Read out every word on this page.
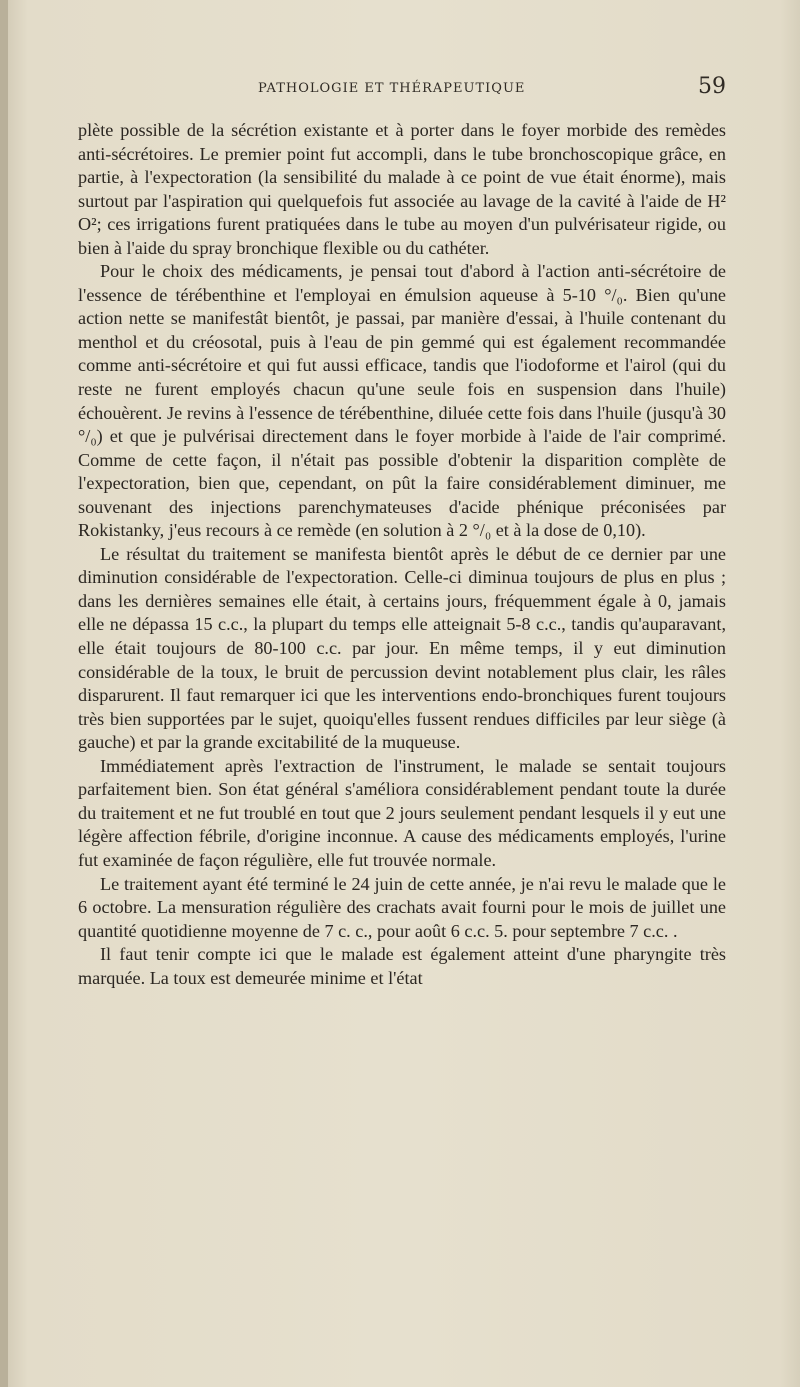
PATHOLOGIE ET THÉRAPEUTIQUE	59

plète possible de la sécrétion existante et à porter dans le foyer morbide des remèdes anti-sécrétoires. Le premier point fut accompli, dans le tube bronchoscopique grâce, en partie, à l'expectoration (la sensibilité du malade à ce point de vue était énorme), mais surtout par l'aspiration qui quelquefois fut associée au lavage de la cavité à l'aide de H² O²; ces irrigations furent pratiquées dans le tube au moyen d'un pulvérisateur rigide, ou bien à l'aide du spray bronchique flexible ou du cathéter.

Pour le choix des médicaments, je pensai tout d'abord à l'action anti-sécrétoire de l'essence de térébenthine et l'employai en émulsion aqueuse à 5-10 °/₀. Bien qu'une action nette se manifestât bientôt, je passai, par manière d'essai, à l'huile contenant du menthol et du créosotal, puis à l'eau de pin gemmé qui est également recommandée comme anti-sécrétoire et qui fut aussi efficace, tandis que l'iodoforme et l'airol (qui du reste ne furent employés chacun qu'une seule fois en suspension dans l'huile) échouèrent. Je revins à l'essence de térébenthine, diluée cette fois dans l'huile (jusqu'à 30 °/₀) et que je pulvérisai directement dans le foyer morbide à l'aide de l'air comprimé. Comme de cette façon, il n'était pas possible d'obtenir la disparition complète de l'expectoration, bien que, cependant, on pût la faire considérablement diminuer, me souvenant des injections parenchymateuses d'acide phénique préconisées par Rokistanky, j'eus recours à ce remède (en solution à 2 °/₀ et à la dose de 0,10).

Le résultat du traitement se manifesta bientôt après le début de ce dernier par une diminution considérable de l'expectoration. Celle-ci diminua toujours de plus en plus ; dans les dernières semaines elle était, à certains jours, fréquemment égale à 0, jamais elle ne dépassa 15 c.c., la plupart du temps elle atteignait 5-8 c.c., tandis qu'auparavant, elle était toujours de 80-100 c.c. par jour. En même temps, il y eut diminution considérable de la toux, le bruit de percussion devint notablement plus clair, les râles disparurent. Il faut remarquer ici que les interventions endo-bronchiques furent toujours très bien supportées par le sujet, quoiqu'elles fussent rendues difficiles par leur siège (à gauche) et par la grande excitabilité de la muqueuse.

Immédiatement après l'extraction de l'instrument, le malade se sentait toujours parfaitement bien. Son état général s'améliora considérablement pendant toute la durée du traitement et ne fut troublé en tout que 2 jours seulement pendant lesquels il y eut une légère affection fébrile, d'origine inconnue. A cause des médicaments employés, l'urine fut examinée de façon régulière, elle fut trouvée normale.

Le traitement ayant été terminé le 24 juin de cette année, je n'ai revu le malade que le 6 octobre. La mensuration régulière des crachats avait fourni pour le mois de juillet une quantité quotidienne moyenne de 7 c. c., pour août 6 c.c. 5. pour septembre 7 c.c. .

Il faut tenir compte ici que le malade est également atteint d'une pharyngite très marquée. La toux est demeurée minime et l'état
